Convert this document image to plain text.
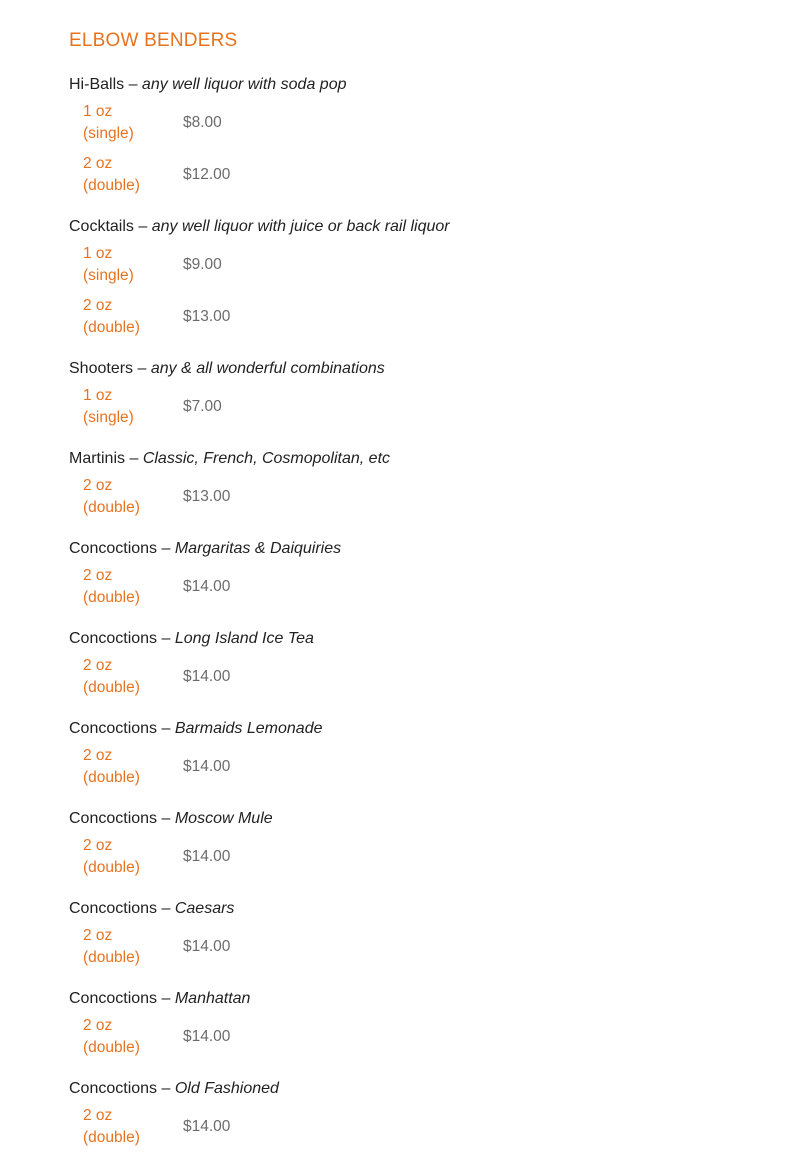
ELBOW BENDERS
Hi-Balls – any well liquor with soda pop
1 oz
(single)
$8.00
2 oz
(double)
$12.00
Cocktails – any well liquor with juice or back rail liquor
1 oz
(single)
$9.00
2 oz
(double)
$13.00
Shooters – any & all wonderful combinations
1 oz
(single)
$7.00
Martinis – Classic, French, Cosmopolitan, etc
2 oz
(double)
$13.00
Concoctions – Margaritas & Daiquiries
2 oz
(double)
$14.00
Concoctions – Long Island Ice Tea
2 oz
(double)
$14.00
Concoctions – Barmaids Lemonade
2 oz
(double)
$14.00
Concoctions – Moscow Mule
2 oz
(double)
$14.00
Concoctions – Caesars
2 oz
(double)
$14.00
Concoctions – Manhattan
2 oz
(double)
$14.00
Concoctions – Old Fashioned
2 oz
(double)
$14.00
